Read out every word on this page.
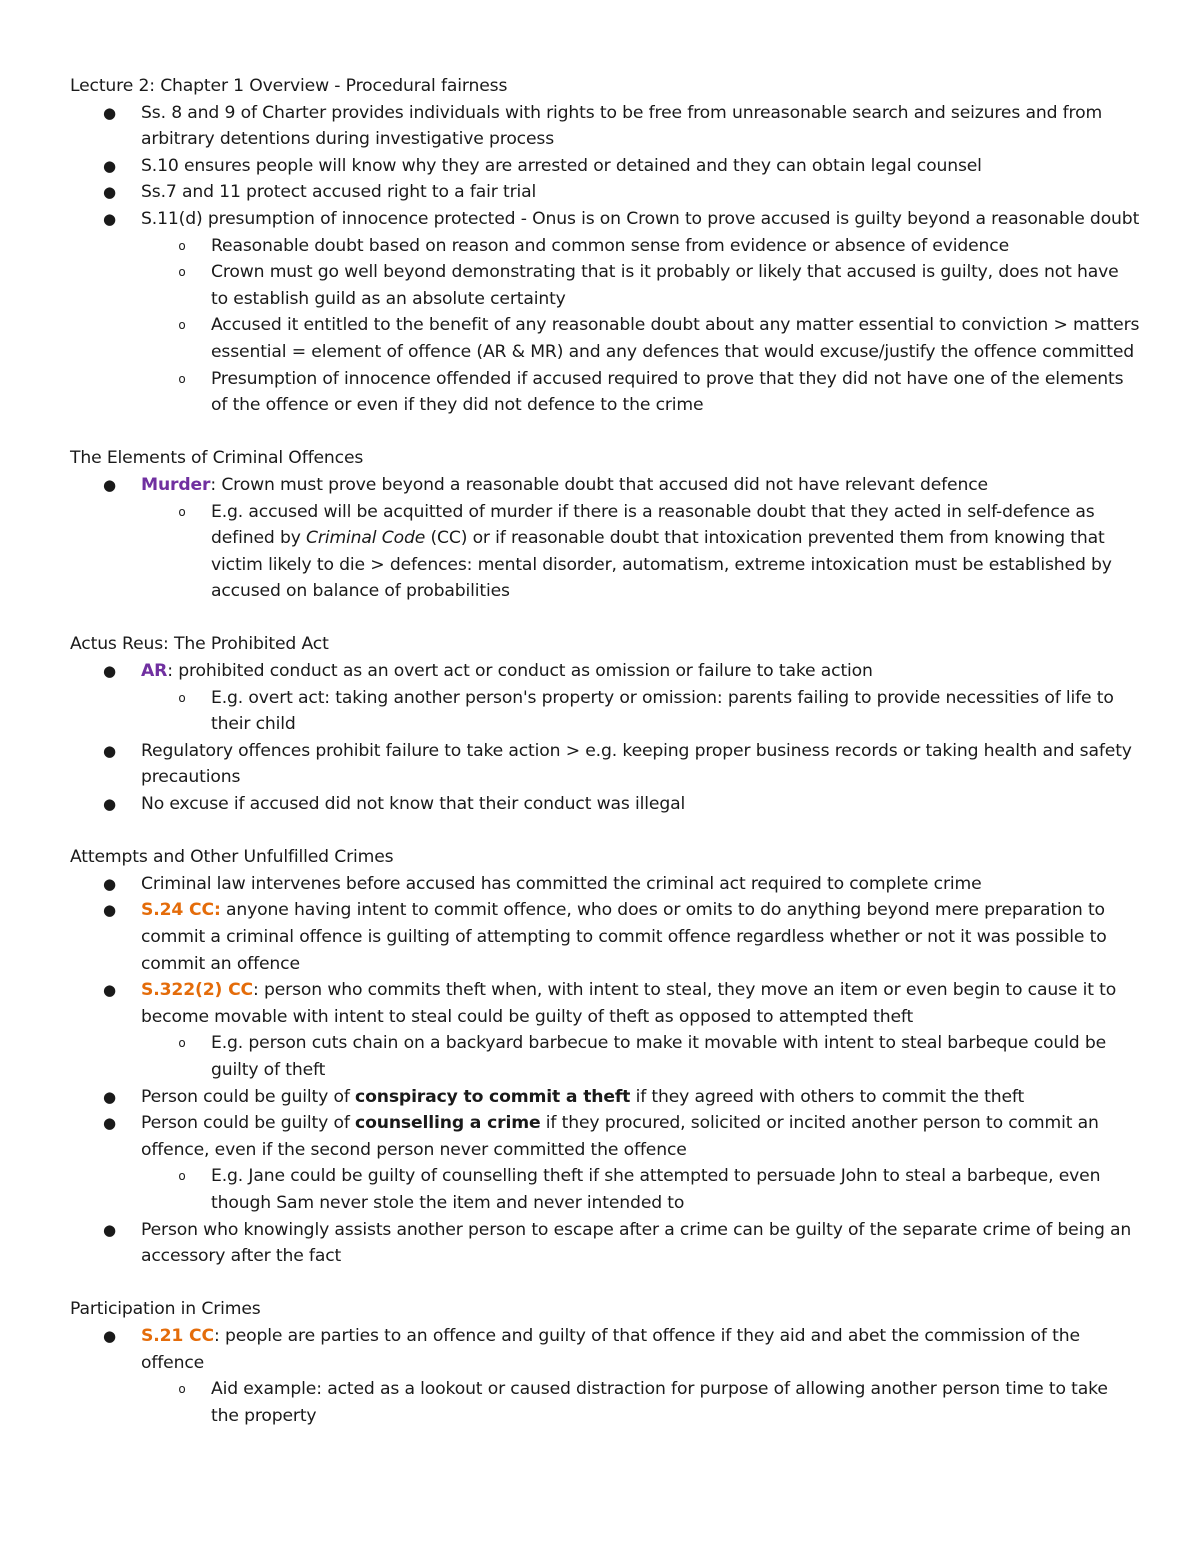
Lecture 2: Chapter 1 Overview - Procedural fairness
● Ss. 8 and 9 of Charter provides individuals with rights to be free from unreasonable search and seizures and from arbitrary detentions during investigative process
● S.10 ensures people will know why they are arrested or detained and they can obtain legal counsel
● Ss.7 and 11 protect accused right to a fair trial
● S.11(d) presumption of innocence protected - Onus is on Crown to prove accused is guilty beyond a reasonable doubt
o Reasonable doubt based on reason and common sense from evidence or absence of evidence
o Crown must go well beyond demonstrating that is it probably or likely that accused is guilty, does not have to establish guild as an absolute certainty
o Accused it entitled to the benefit of any reasonable doubt about any matter essential to conviction > matters essential = element of offence (AR & MR) and any defences that would excuse/justify the offence committed
o Presumption of innocence offended if accused required to prove that they did not have one of the elements of the offence or even if they did not defence to the crime
The Elements of Criminal Offences
● Murder: Crown must prove beyond a reasonable doubt that accused did not have relevant defence
o E.g. accused will be acquitted of murder if there is a reasonable doubt that they acted in self-defence as defined by Criminal Code (CC) or if reasonable doubt that intoxication prevented them from knowing that victim likely to die > defences: mental disorder, automatism, extreme intoxication must be established by accused on balance of probabilities
Actus Reus: The Prohibited Act
● AR: prohibited conduct as an overt act or conduct as omission or failure to take action
o E.g. overt act: taking another person's property or omission: parents failing to provide necessities of life to their child
● Regulatory offences prohibit failure to take action > e.g. keeping proper business records or taking health and safety precautions
● No excuse if accused did not know that their conduct was illegal
Attempts and Other Unfulfilled Crimes
● Criminal law intervenes before accused has committed the criminal act required to complete crime
● S.24 CC: anyone having intent to commit offence, who does or omits to do anything beyond mere preparation to commit a criminal offence is guilting of attempting to commit offence regardless whether or not it was possible to commit an offence
● S.322(2) CC: person who commits theft when, with intent to steal, they move an item or even begin to cause it to become movable with intent to steal could be guilty of theft as opposed to attempted theft
o E.g. person cuts chain on a backyard barbecue to make it movable with intent to steal barbeque could be guilty of theft
● Person could be guilty of conspiracy to commit a theft if they agreed with others to commit the theft
● Person could be guilty of counselling a crime if they procured, solicited or incited another person to commit an offence, even if the second person never committed the offence
o E.g. Jane could be guilty of counselling theft if she attempted to persuade John to steal a barbeque, even though Sam never stole the item and never intended to
● Person who knowingly assists another person to escape after a crime can be guilty of the separate crime of being an accessory after the fact
Participation in Crimes
● S.21 CC: people are parties to an offence and guilty of that offence if they aid and abet the commission of the offence
o Aid example: acted as a lookout or caused distraction for purpose of allowing another person time to take the property
